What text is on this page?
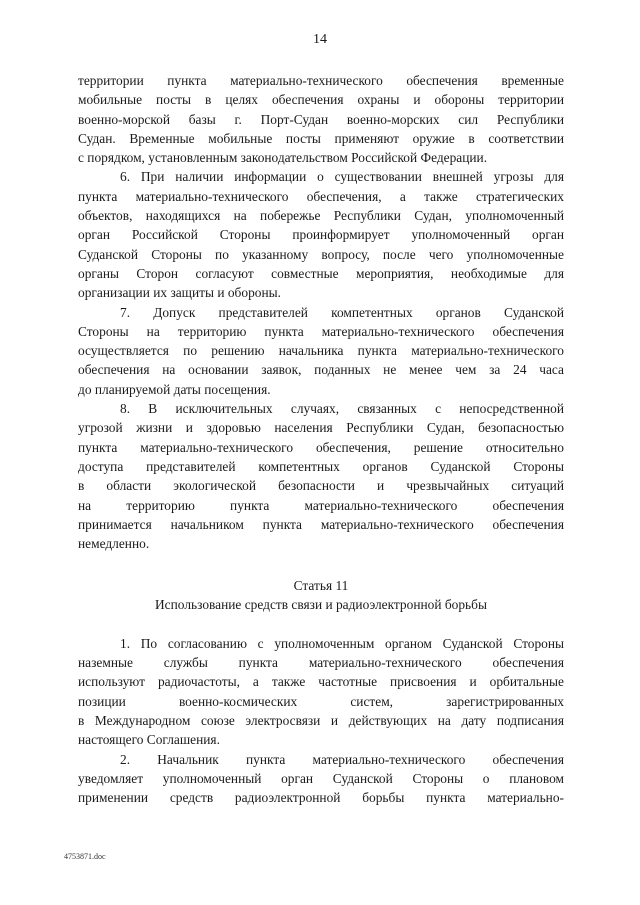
14
территории пункта материально-технического обеспечения временные
мобильные посты в целях обеспечения охраны и обороны территории
военно-морской базы г. Порт-Судан военно-морских сил Республики
Судан. Временные мобильные посты применяют оружие в соответствии
с порядком, установленным законодательством Российской Федерации.
6. При наличии информации о существовании внешней угрозы для
пункта материально-технического обеспечения, а также стратегических
объектов, находящихся на побережье Республики Судан, уполномоченный
орган Российской Стороны проинформирует уполномоченный орган
Суданской Стороны по указанному вопросу, после чего уполномоченные
органы Сторон согласуют совместные мероприятия, необходимые для
организации их защиты и обороны.
7. Допуск представителей компетентных органов Суданской
Стороны на территорию пункта материально-технического обеспечения
осуществляется по решению начальника пункта материально-технического
обеспечения на основании заявок, поданных не менее чем за 24 часа
до планируемой даты посещения.
8. В исключительных случаях, связанных с непосредственной
угрозой жизни и здоровью населения Республики Судан, безопасностью
пункта материально-технического обеспечения, решение относительно
доступа представителей компетентных органов Суданской Стороны
в области экологической безопасности и чрезвычайных ситуаций
на территорию пункта материально-технического обеспечения
принимается начальником пункта материально-технического обеспечения
немедленно.
Статья 11
Использование средств связи и радиоэлектронной борьбы
1. По согласованию с уполномоченным органом Суданской Стороны
наземные службы пункта материально-технического обеспечения
используют радиочастоты, а также частотные присвоения и орбитальные
позиции военно-космических систем, зарегистрированных
в Международном союзе электросвязи и действующих на дату подписания
настоящего Соглашения.
2. Начальник пункта материально-технического обеспечения
уведомляет уполномоченный орган Суданской Стороны о плановом
применении средств радиоэлектронной борьбы пункта материально-
4753871.doc
